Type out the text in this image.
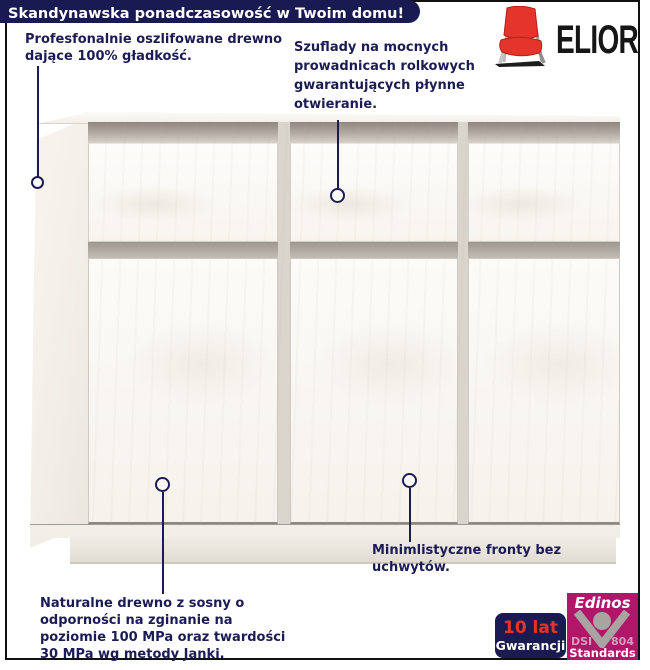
Skandynawska ponadczasowość w Twoim domu!
ELIOR
Profesfonalnie oszlifowane drewno
dające 100% gładkość.
Szuflady na mocnych
prowadnicach rolkowych
gwarantujących płynne
otwieranie.
Minimlistyczne fronty bez
uchwytów.
Naturalne drewno z sosny o
odporności na zginanie na
poziomie 100 MPa oraz twardości
30 MPa wg metody Janki.
10 lat
Gwarancji
Edinos
DSI 804
Standards
